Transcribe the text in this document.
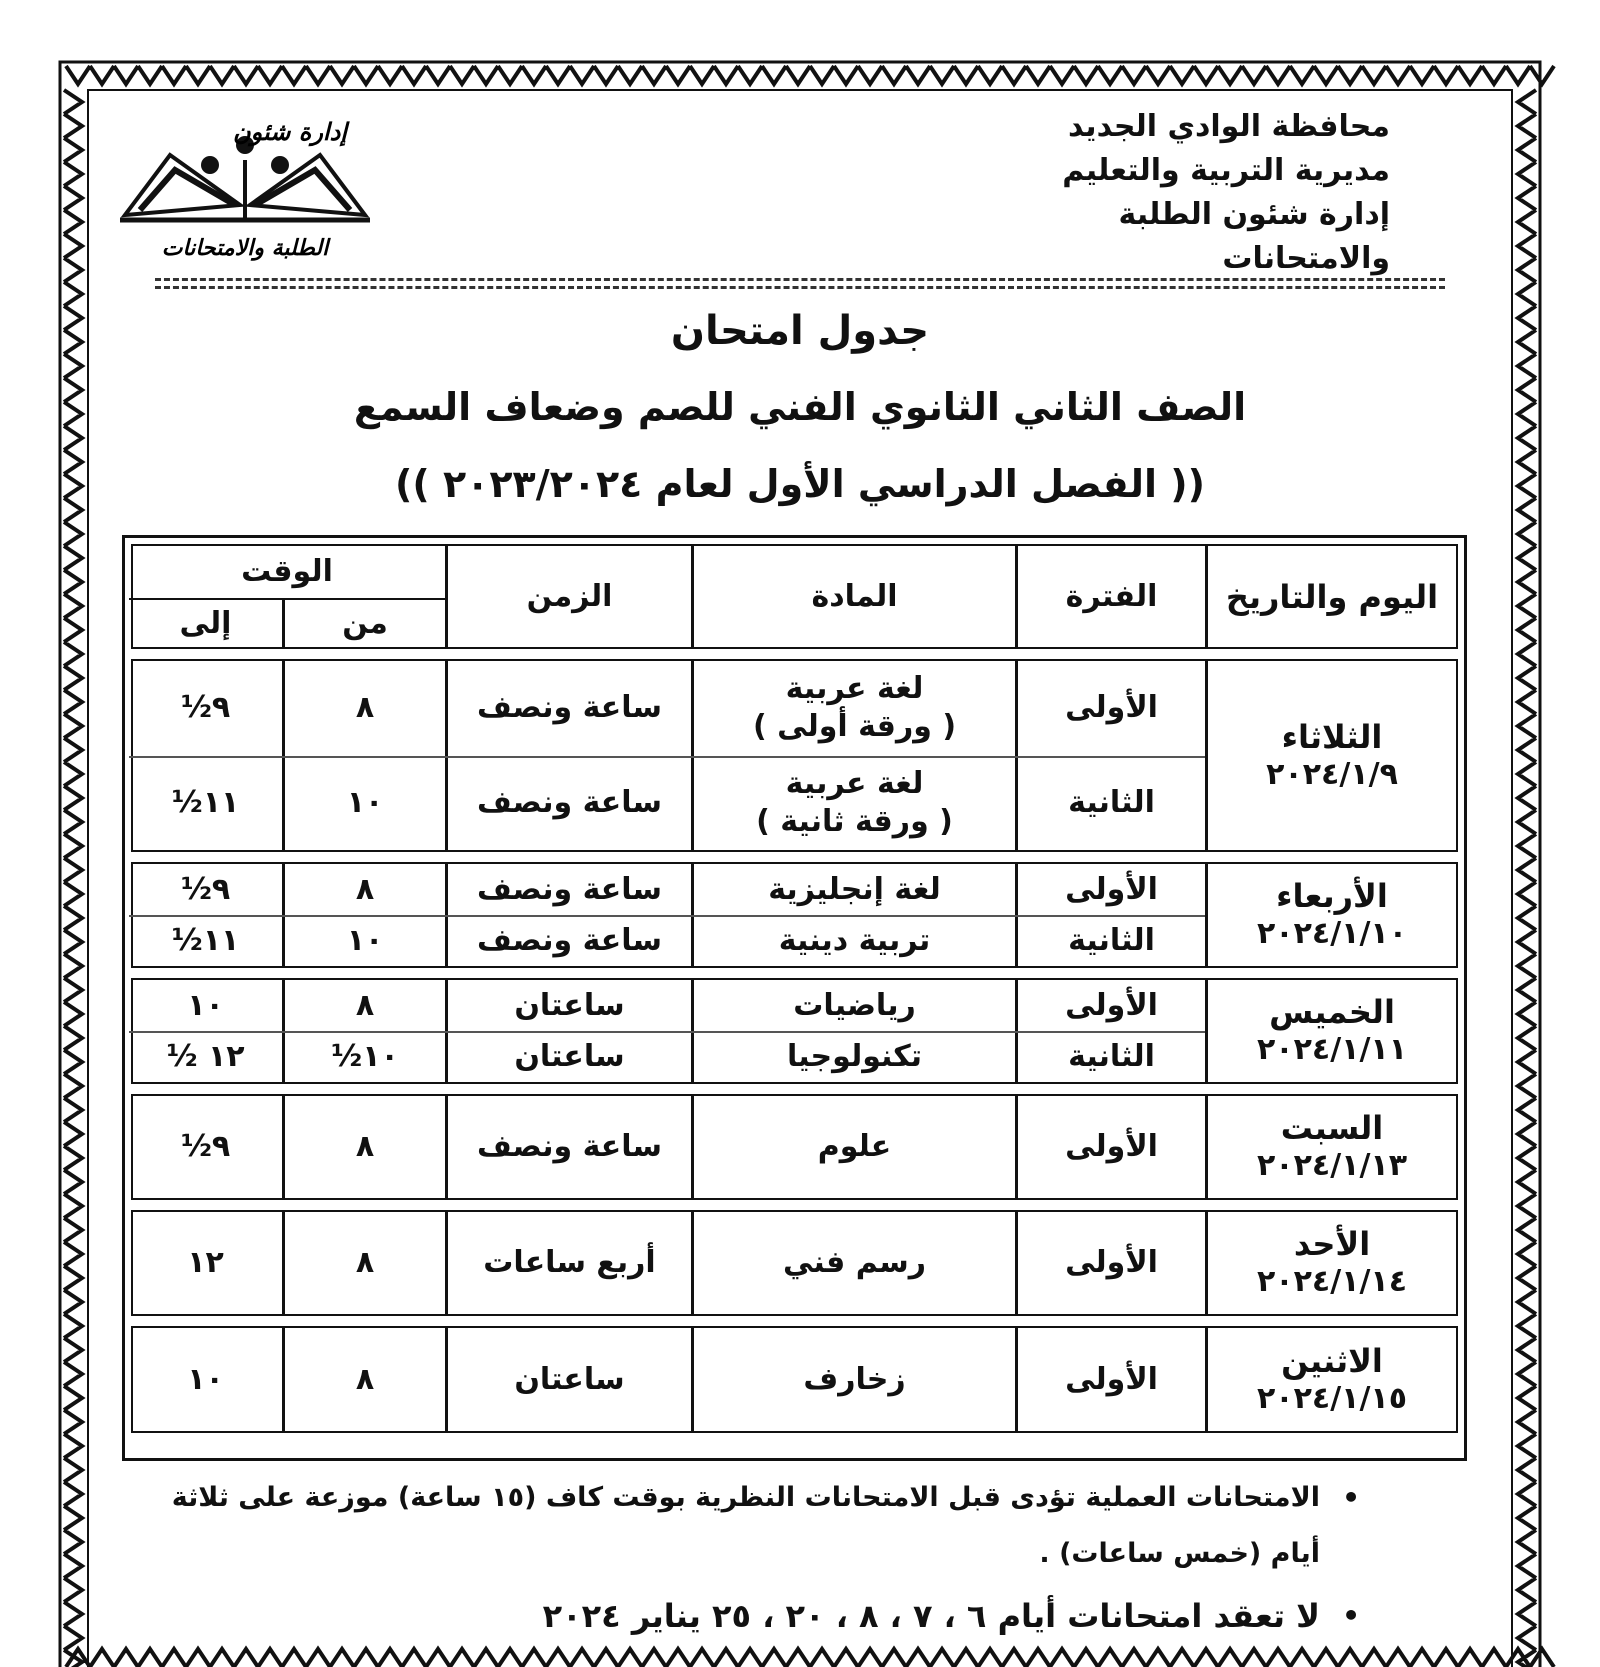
محافظة الوادي الجديد
مديرية التربية والتعليم
إدارة شئون الطلبة والامتحانات
إدارة شئون
الطلبة والامتحانات
جدول امتحان
الصف الثاني الثانوي الفني للصم وضعاف السمع
(( الفصل الدراسي الأول لعام ٢٠٢٣/٢٠٢٤ ))
اليوم والتاريخ
الفترة
المادة
الزمن
الوقت
من
إلى
الثلاثاء
٢٠٢٤/١/٩
الأولى
لغة عربية
( ورقة أولى )
ساعة ونصف
٨
٩½
الثانية
لغة عربية
( ورقة ثانية )
ساعة ونصف
١٠
١١½
الأربعاء
٢٠٢٤/١/١٠
الأولى
لغة إنجليزية
ساعة ونصف
٨
٩½
الثانية
تربية دينية
ساعة ونصف
١٠
١١½
الخميس
٢٠٢٤/١/١١
الأولى
رياضيات
ساعتان
٨
١٠
الثانية
تكنولوجيا
ساعتان
١٠½
١٢ ½
السبت
٢٠٢٤/١/١٣
الأولى
علوم
ساعة ونصف
٨
٩½
الأحد
٢٠٢٤/١/١٤
الأولى
رسم فني
أربع ساعات
٨
١٢
الاثنين
٢٠٢٤/١/١٥
الأولى
زخارف
ساعتان
٨
١٠
•
الامتحانات العملية تؤدى قبل الامتحانات النظرية بوقت كاف (١٥ ساعة) موزعة على ثلاثة أيام (خمس ساعات) .
•
لا تعقد امتحانات أيام ٦ ، ٧ ، ٨ ، ٢٠ ، ٢٥ يناير ٢٠٢٤
